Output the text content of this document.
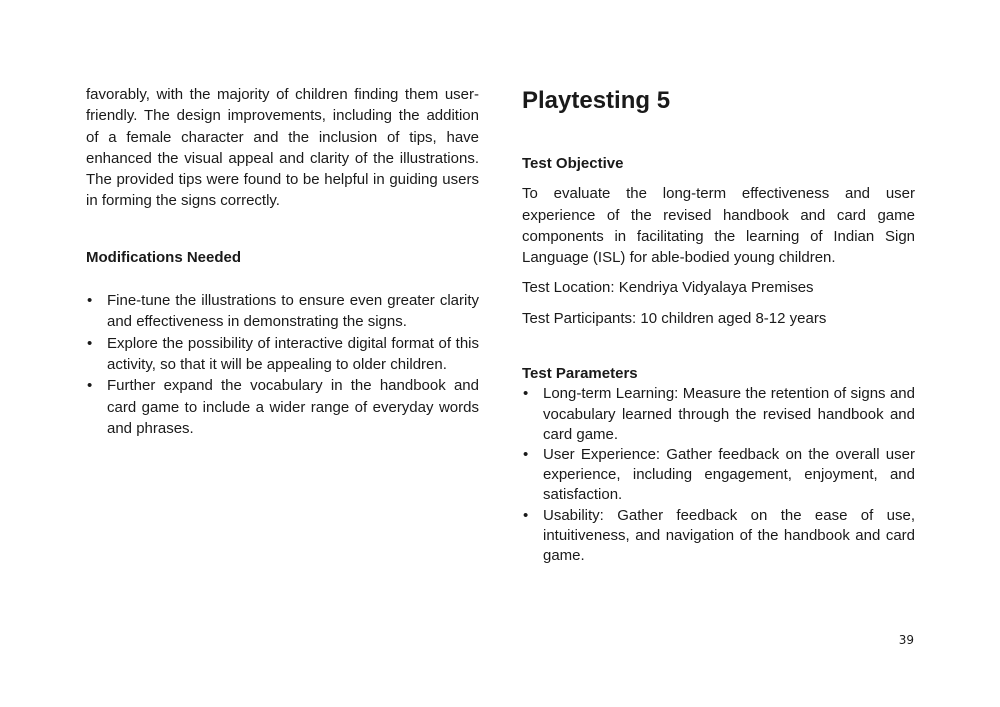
favorably, with the majority of children finding them user-friendly. The design improvements, including the addition of a female character and the inclusion of tips, have enhanced the visual appeal and clarity of the illustrations. The provided tips were found to be helpful in guiding users in forming the signs correctly.

Modifications Needed

• Fine-tune the illustrations to ensure even greater clarity and effectiveness in demonstrating the signs.
• Explore the possibility of interactive digital format of this activity, so that it will be appealing to older children.
• Further expand the vocabulary in the handbook and card game to include a wider range of everyday words and phrases.
Playtesting 5

Test Objective

To evaluate the long-term effectiveness and user experience of the revised handbook and card game components in facilitating the learning of Indian Sign Language (ISL) for able-bodied young children.

Test Location: Kendriya Vidyalaya Premises

Test Participants: 10 children aged 8-12 years

Test Parameters

• Long-term Learning: Measure the retention of signs and vocabulary learned through the revised handbook and card game.
• User Experience: Gather feedback on the overall user experience, including engagement, enjoyment, and satisfaction.
• Usability: Gather feedback on the ease of use, intuitiveness, and navigation of the handbook and card game.
39
